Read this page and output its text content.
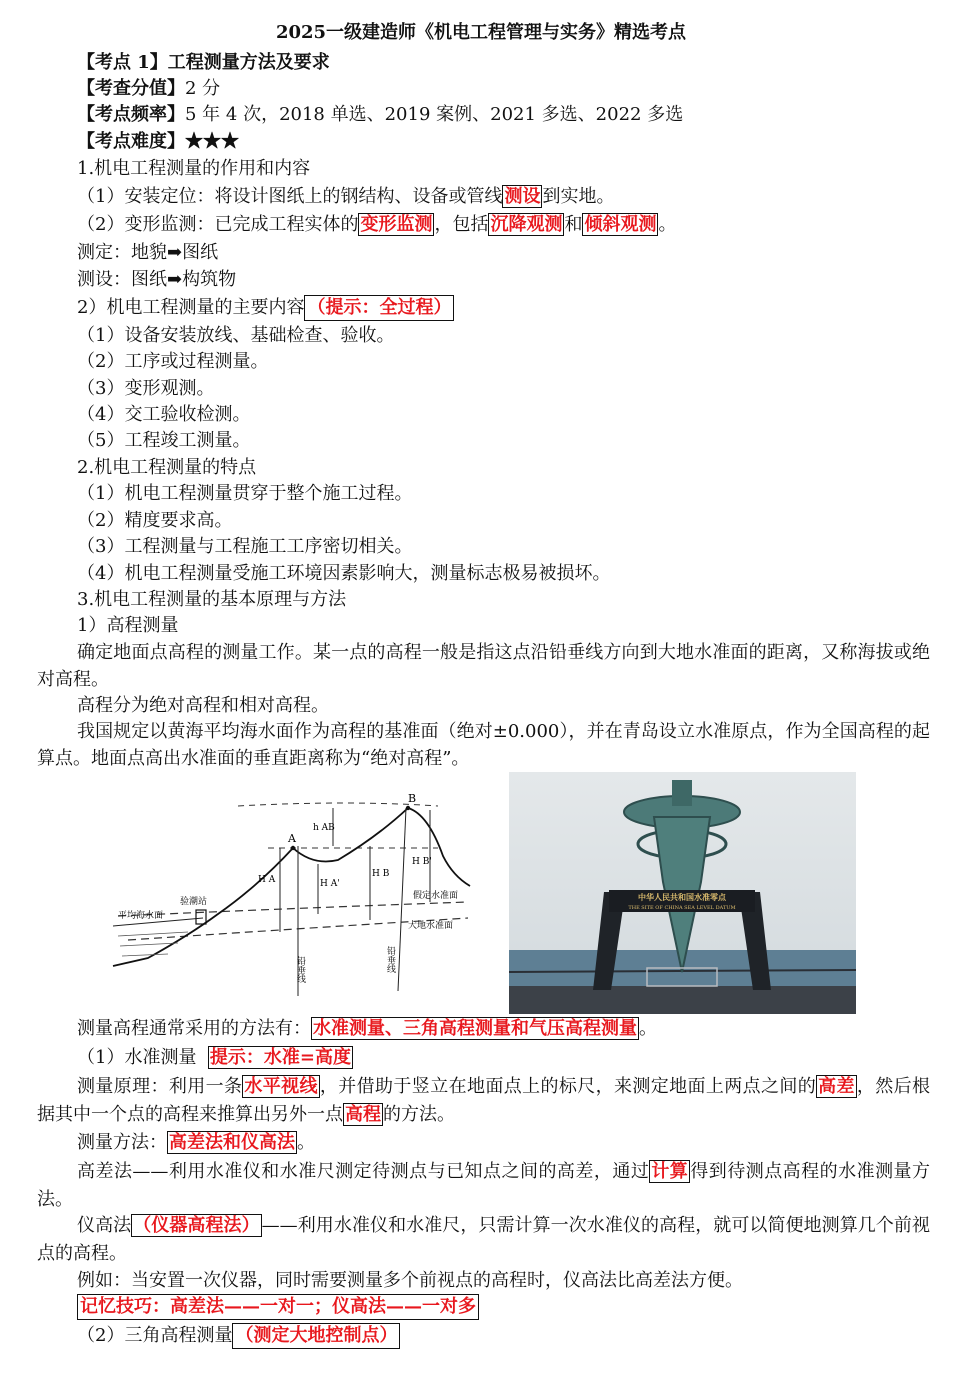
2025一级建造师《机电工程管理与实务》精选考点
【考点 1】工程测量方法及要求
【考查分值】2 分
【考点频率】5 年 4 次，2018 单选、2019 案例、2021 多选、2022 多选
【考点难度】★★★
1.机电工程测量的作用和内容
（1）安装定位：将设计图纸上的钢结构、设备或管线 测设 到实地。
（2）变形监测：已完成工程实体的 变形监测 ，包括 沉降观测 和 倾斜观测 。
测定：地貌➡图纸
测设：图纸➡构筑物
2）机电工程测量的主要内容 （提示：全过程）
（1）设备安装放线、基础检查、验收。
（2）工序或过程测量。
（3）变形观测。
（4）交工验收检测。
（5）工程竣工测量。
2.机电工程测量的特点
（1）机电工程测量贯穿于整个施工过程。
（2）精度要求高。
（3）工程测量与工程施工工序密切相关。
（4）机电工程测量受施工环境因素影响大，测量标志极易被损坏。
3.机电工程测量的基本原理与方法
1）高程测量
确定地面点高程的测量工作。某一点的高程一般是指这点沿铅垂线方向到大地水准面的距离，又称海拔或绝对高程。
高程分为绝对高程和相对高程。
我国规定以黄海平均海水面作为高程的基准面（绝对±0.000），并在青岛设立水准原点，作为全国高程的起算点。地面点高出水准面的垂直距离称为“绝对高程”。
A
B
h AB
H A	H A'
H B
H B'
验潮站
平均海水面
假定水准面
大地水准面
铅垂线	铅垂线
中华人民共和国水准零点
THE SITE OF CHINA SEA LEVEL DATUM
测量高程通常采用的方法有： 水准测量、三角高程测量和气压高程测量 。
（1）水准测量 提示：水准=高度
测量原理：利用一条 水平视线 ，并借助于竖立在地面点上的标尺，来测定地面上两点之间的 高差 ，然后根据其中一个点的高程来推算出另外一点 高程 的方法。
测量方法： 高差法和仪高法 。
高差法——利用水准仪和水准尺测定待测点与已知点之间的高差，通过 计算 得到待测点高程的水准测量方法。
仪高法 （仪器高程法） ——利用水准仪和水准尺，只需计算一次水准仪的高程，就可以简便地测算几个前视点的高程。
例如：当安置一次仪器，同时需要测量多个前视点的高程时，仪高法比高差法方便。
记忆技巧：高差法——一对一；仪高法——一对多
（2）三角高程测量 （测定大地控制点）
